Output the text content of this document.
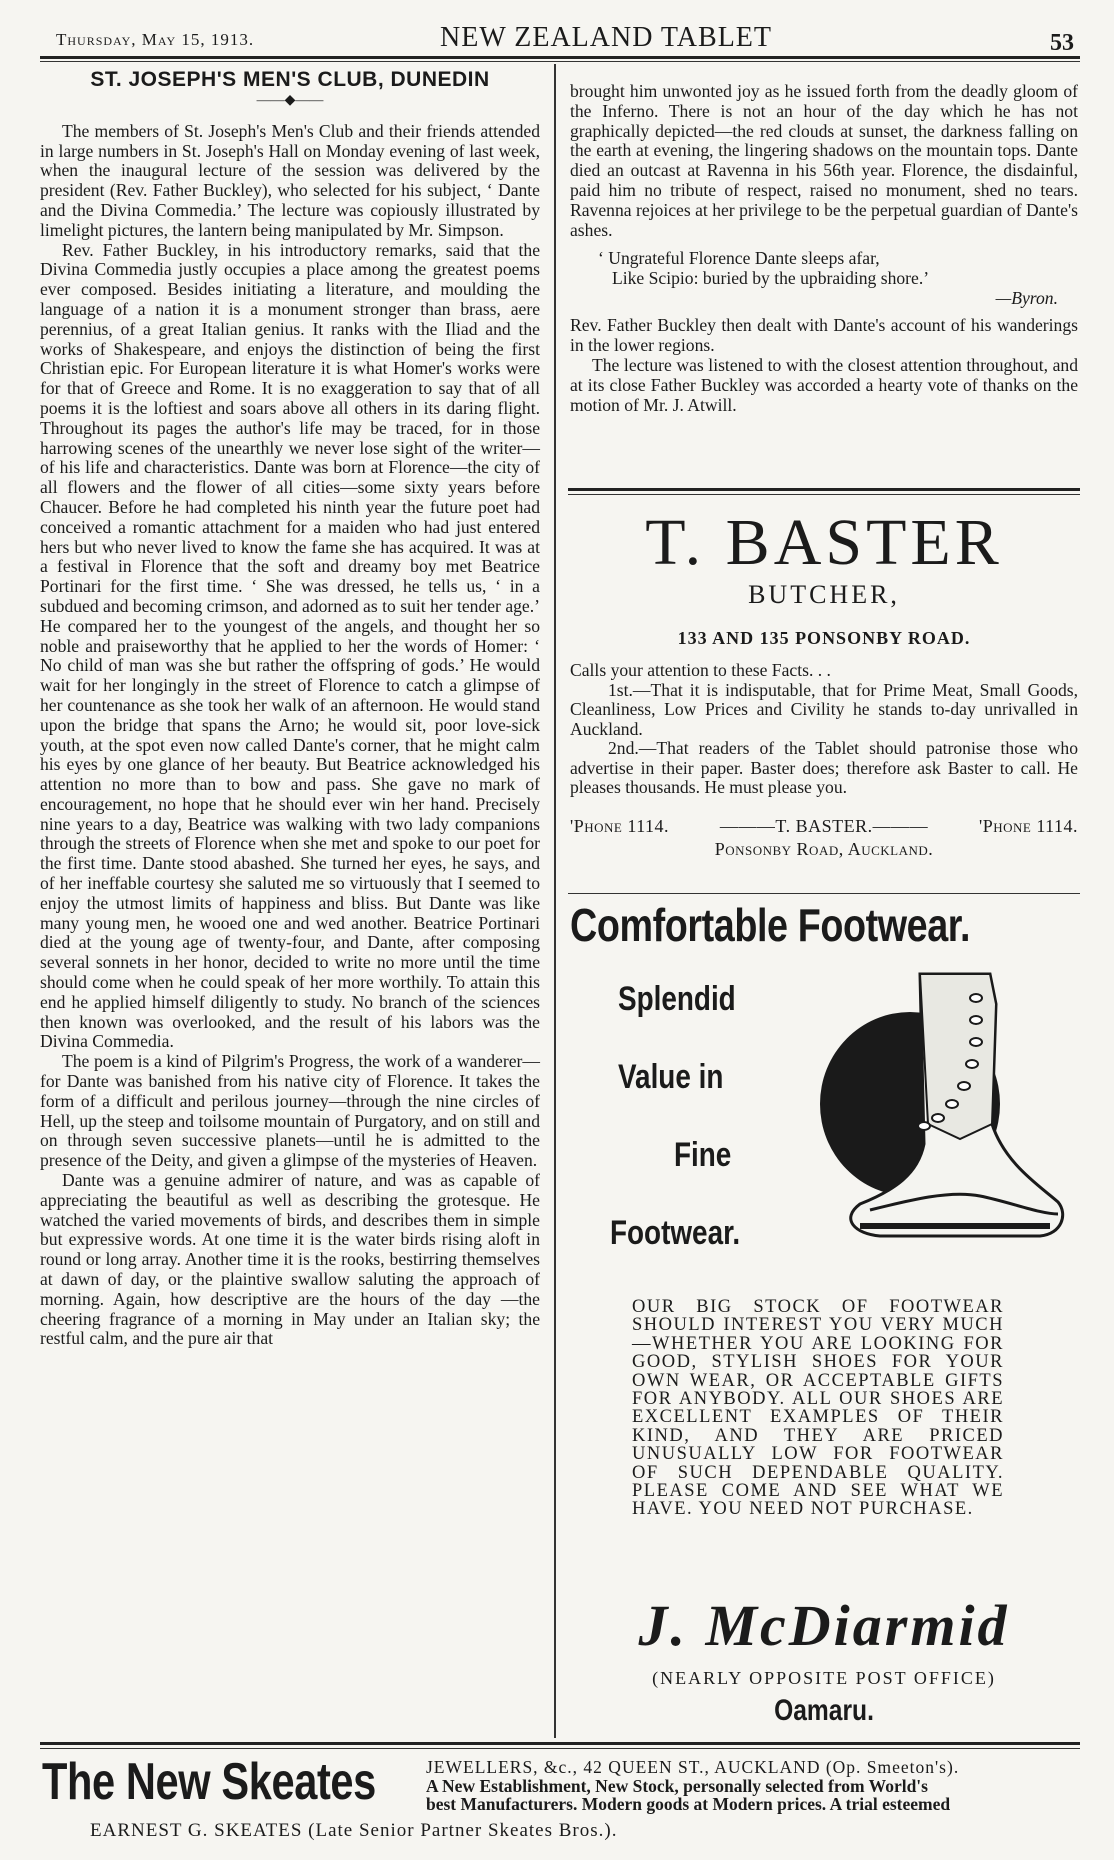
Thursday, May 15, 1913.	NEW ZEALAND TABLET	53
ST. JOSEPH'S MEN'S CLUB, DUNEDIN
——◆——

The members of St. Joseph's Men's Club and their friends attended in large numbers in St. Joseph's Hall on Monday evening of last week, when the inaugural lecture of the session was delivered by the president (Rev. Father Buckley), who selected for his subject, ‘ Dante and the Divina Commedia.’ The lecture was copiously illustrated by limelight pictures, the lantern being manipulated by Mr. Simpson.

Rev. Father Buckley, in his introductory remarks, said that the Divina Commedia justly occupies a place among the greatest poems ever composed. Besides initiating a literature, and moulding the language of a nation it is a monument stronger than brass, aere perennius, of a great Italian genius. It ranks with the Iliad and the works of Shakespeare, and enjoys the distinction of being the first Christian epic. For European literature it is what Homer's works were for that of Greece and Rome. It is no exaggeration to say that of all poems it is the loftiest and soars above all others in its daring flight. Throughout its pages the author's life may be traced, for in those harrowing scenes of the unearthly we never lose sight of the writer—of his life and characteristics. Dante was born at Florence—the city of all flowers and the flower of all cities—some sixty years before Chaucer. Before he had completed his ninth year the future poet had conceived a romantic attachment for a maiden who had just entered hers but who never lived to know the fame she has acquired. It was at a festival in Florence that the soft and dreamy boy met Beatrice Portinari for the first time. ‘ She was dressed, he tells us, ‘ in a subdued and becoming crimson, and adorned as to suit her tender age.’ He compared her to the youngest of the angels, and thought her so noble and praiseworthy that he applied to her the words of Homer: ‘ No child of man was she but rather the offspring of gods.’ He would wait for her longingly in the street of Florence to catch a glimpse of her countenance as she took her walk of an afternoon. He would stand upon the bridge that spans the Arno; he would sit, poor love-sick youth, at the spot even now called Dante's corner, that he might calm his eyes by one glance of her beauty. But Beatrice acknowledged his attention no more than to bow and pass. She gave no mark of encouragement, no hope that he should ever win her hand. Precisely nine years to a day, Beatrice was walking with two lady companions through the streets of Florence when she met and spoke to our poet for the first time. Dante stood abashed. She turned her eyes, he says, and of her ineffable courtesy she saluted me so virtuously that I seemed to enjoy the utmost limits of happiness and bliss. But Dante was like many young men, he wooed one and wed another. Beatrice Portinari died at the young age of twenty-four, and Dante, after composing several sonnets in her honor, decided to write no more until the time should come when he could speak of her more worthily. To attain this end he applied himself diligently to study. No branch of the sciences then known was overlooked, and the result of his labors was the Divina Commedia.

The poem is a kind of Pilgrim's Progress, the work of a wanderer—for Dante was banished from his native city of Florence. It takes the form of a difficult and perilous journey—through the nine circles of Hell, up the steep and toilsome mountain of Purgatory, and on still and on through seven successive planets—until he is admitted to the presence of the Deity, and given a glimpse of the mysteries of Heaven.

Dante was a genuine admirer of nature, and was as capable of appreciating the beautiful as well as describing the grotesque. He watched the varied movements of birds, and describes them in simple but expressive words. At one time it is the water birds rising aloft in round or long array. Another time it is the rooks, bestirring themselves at dawn of day, or the plaintive swallow saluting the approach of morning. Again, how descriptive are the hours of the day —the cheering fragrance of a morning in May under an Italian sky; the restful calm, and the pure air that

brought him unwonted joy as he issued forth from the deadly gloom of the Inferno. There is not an hour of the day which he has not graphically depicted—the red clouds at sunset, the darkness falling on the earth at evening, the lingering shadows on the mountain tops. Dante died an outcast at Ravenna in his 56th year. Florence, the disdainful, paid him no tribute of respect, raised no monument, shed no tears. Ravenna rejoices at her privilege to be the perpetual guardian of Dante's ashes.

‘ Ungrateful Florence Dante sleeps afar,
Like Scipio: buried by the upbraiding shore.’
—Byron.

Rev. Father Buckley then dealt with Dante's account of his wanderings in the lower regions.

The lecture was listened to with the closest attention throughout, and at its close Father Buckley was accorded a hearty vote of thanks on the motion of Mr. J. Atwill.

T. BASTER
BUTCHER,
133 AND 135 PONSONBY ROAD.

Calls your attention to these Facts. . .

1st.—That it is indisputable, that for Prime Meat, Small Goods, Cleanliness, Low Prices and Civility he stands to-day unrivalled in Auckland.

2nd.—That readers of the Tablet should patronise those who advertise in their paper. Baster does; therefore ask Baster to call. He pleases thousands. He must please you.

'Phone 1114.	———T. BASTER.———	'Phone 1114.
Ponsonby Road, Auckland.
Comfortable Footwear.
Splendid
Value in
Fine
Footwear.
OUR BIG STOCK OF FOOTWEAR SHOULD INTEREST YOU VERY MUCH—WHETHER YOU ARE LOOKING FOR GOOD, STYLISH SHOES FOR YOUR OWN WEAR, OR ACCEPTABLE GIFTS FOR ANYBODY. ALL OUR SHOES ARE EXCELLENT EXAMPLES OF THEIR KIND, AND THEY ARE PRICED UNUSUALLY LOW FOR FOOTWEAR OF SUCH DEPENDABLE QUALITY. PLEASE COME AND SEE WHAT WE HAVE. YOU NEED NOT PURCHASE.
J. McDiarmid
(NEARLY OPPOSITE POST OFFICE)
Oamaru.
The New Skeates	JEWELLERS, &c., 42 QUEEN ST., AUCKLAND (Op. Smeeton's).
A New Establishment, New Stock, personally selected from World's
best Manufacturers. Modern goods at Modern prices. A trial esteemed
EARNEST G. SKEATES (Late Senior Partner Skeates Bros.).
